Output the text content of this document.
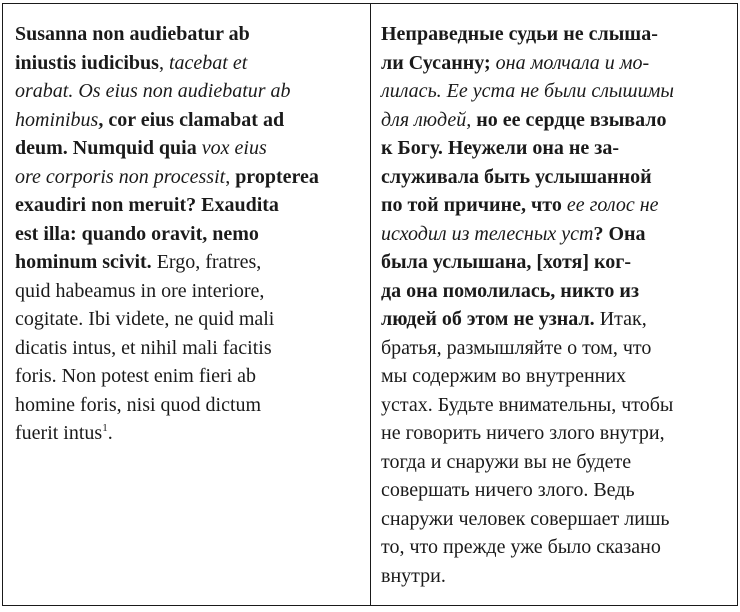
Susanna non audiebatur ab
iniustis iudicibus, tacebat et
orabat. Os eius non audiebatur ab
hominibus, cor eius clamabat ad
deum. Numquid quia vox eius
ore corporis non processit, propterea
exaudiri non meruit? Exaudita
est illa: quando oravit, nemo
hominum scivit. Ergo, fratres,
quid habeamus in ore interiore,
cogitate. Ibi videte, ne quid mali
dicatis intus, et nihil mali facitis
foris. Non potest enim fieri ab
homine foris, nisi quod dictum
fuerit intus$^1$.
Неправедные судьи не слыша-
ли Сусанну; она молчала и мо-
лилась. Ее уста не были слышимы
для людей, но ее сердце взывало
к Богу. Неужели она не за-
служивала быть услышанной
по той причине, что ее голос не
исходил из телесных уст? Она
была услышана, [хотя] ког-
да она помолилась, никто из
людей об этом не узнал. Итак,
братья, размышляйте о том, что
мы содержим во внутренних
устах. Будьте внимательны, чтобы
не говорить ничего злого внутри,
тогда и снаружи вы не будете
совершать ничего злого. Ведь
снаружи человек совершает лишь
то, что прежде уже было сказано
внутри.
